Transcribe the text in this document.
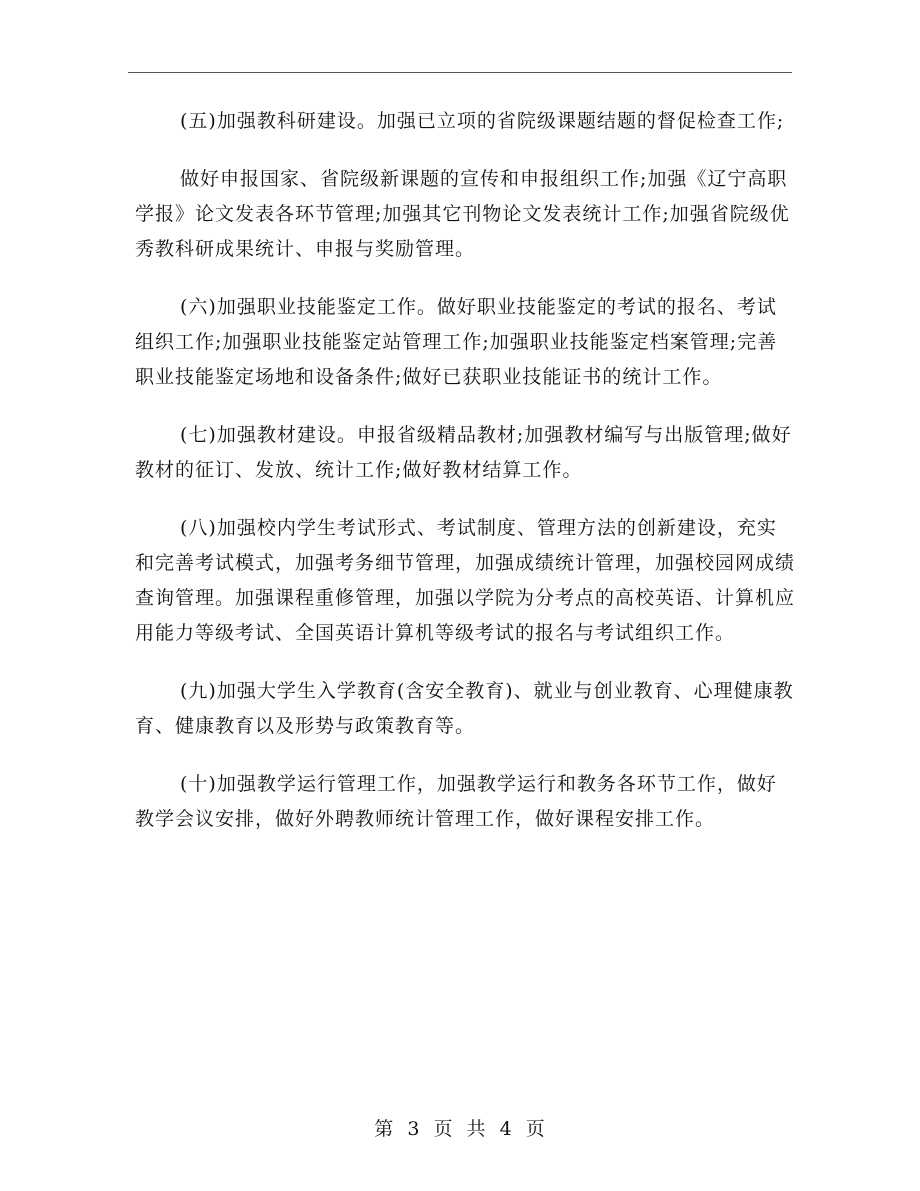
(五)加强教科研建设。加强已立项的省院级课题结题的督促检查工作;

做好申报国家、省院级新课题的宣传和申报组织工作;加强《辽宁高职学报》论文发表各环节管理;加强其它刊物论文发表统计工作;加强省院级优秀教科研成果统计、申报与奖励管理。

(六)加强职业技能鉴定工作。做好职业技能鉴定的考试的报名、考试组织工作;加强职业技能鉴定站管理工作;加强职业技能鉴定档案管理;完善职业技能鉴定场地和设备条件;做好已获职业技能证书的统计工作。

(七)加强教材建设。申报省级精品教材;加强教材编写与出版管理;做好教材的征订、发放、统计工作;做好教材结算工作。

(八)加强校内学生考试形式、考试制度、管理方法的创新建设，充实和完善考试模式，加强考务细节管理，加强成绩统计管理，加强校园网成绩查询管理。加强课程重修管理，加强以学院为分考点的高校英语、计算机应用能力等级考试、全国英语计算机等级考试的报名与考试组织工作。

(九)加强大学生入学教育(含安全教育)、就业与创业教育、心理健康教育、健康教育以及形势与政策教育等。

(十)加强教学运行管理工作，加强教学运行和教务各环节工作，做好教学会议安排，做好外聘教师统计管理工作，做好课程安排工作。

第 3 页 共 4 页
